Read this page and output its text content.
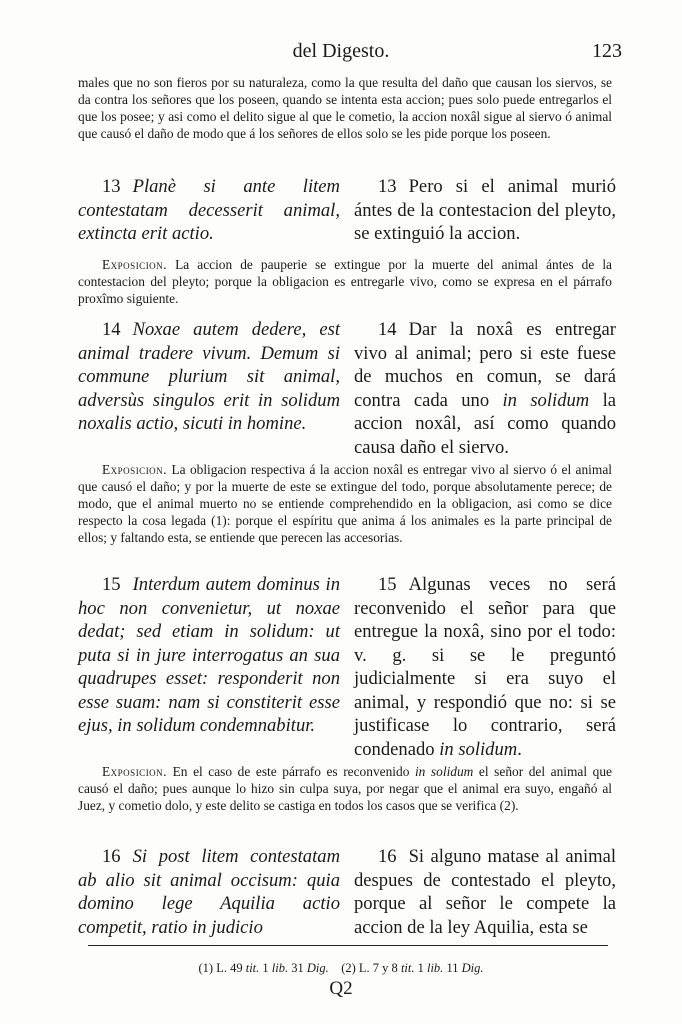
del Digesto.	123

males que no son fieros por su naturaleza, como la que resulta del daño que causan los siervos, se da contra los señores que los poseen, quando se intenta esta accion; pues solo puede entregarlos el que los posee; y asi como el delito sigue al que le cometio, la accion noxâl sigue al siervo ó animal que causó el daño de modo que á los señores de ellos solo se les pide porque los poseen.

13 Planè si ante litem contestatam decesserit animal, extincta erit actio.
13 Pero si el animal murió ántes de la contestacion del pleyto, se extinguió la accion.

Exposicion. La accion de pauperie se extingue por la muerte del animal ántes de la contestacion del pleyto; porque la obligacion es entregarle vivo, como se expresa en el párrafo proxîmo siguiente.

14 Noxae autem dedere, est animal tradere vivum. Demum si commune plurium sit animal, adversùs singulos erit in solidum noxalis actio, sicuti in homine.
14 Dar la noxâ es entregar vivo al animal; pero si este fuese de muchos en comun, se dará contra cada uno in solidum la accion noxâl, así como quando causa daño el siervo.

Exposicion. La obligacion respectiva á la accion noxâl es entregar vivo al siervo ó el animal que causó el daño; y por la muerte de este se extingue del todo, porque absolutamente perece; de modo, que el animal muerto no se entiende comprehendido en la obligacion, asi como se dice respecto la cosa legada (1): porque el espíritu que anima á los animales es la parte principal de ellos; y faltando esta, se entiende que perecen las accesorias.

15 Interdum autem dominus in hoc non convenietur, ut noxae dedat; sed etiam in solidum: ut puta si in jure interrogatus an sua quadrupes esset: responderit non esse suam: nam si constiterit esse ejus, in solidum condemnabitur.
15 Algunas veces no será reconvenido el señor para que entregue la noxâ, sino por el todo: v. g. si se le preguntó judicialmente si era suyo el animal, y respondió que no: si se justificase lo contrario, será condenado in solidum.

Exposicion. En el caso de este párrafo es reconvenido in solidum el señor del animal que causó el daño; pues aunque lo hizo sin culpa suya, por negar que el animal era suyo, engañó al Juez, y cometio dolo, y este delito se castiga en todos los casos que se verifica (2).

16 Si post litem contestatam ab alio sit animal occisum: quia domino lege Aquilia actio competit, ratio in judicio
16 Si alguno matase al animal despues de contestado el pleyto, porque al señor le compete la accion de la ley Aquilia, esta se
(1) L. 49 tit. 1 lib. 31 Dig. (2) L. 7 y 8 tit. 1 lib. 11 Dig.
Q2
